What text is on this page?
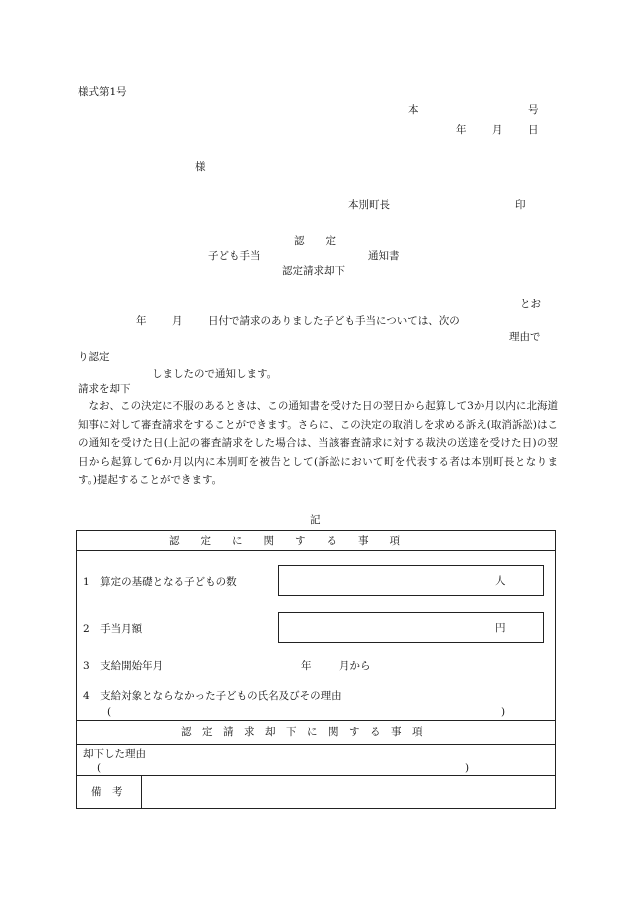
様式第1号
本	号
年 月 日
様
本別町長	印
認　　定
子ども手当	通知書
認定請求却下
とお
年 月 日付で請求のありました子ども手当については、次の
理由で
り認定
しましたので通知します。
請求を却下
なお、この決定に不服のあるときは、この通知書を受けた日の翌日から起算して3か月以内に北海道知事に対して審査請求をすることができます。さらに、この決定の取消しを求める訴え(取消訴訟)はこの通知を受けた日(上記の審査請求をした場合は、当該審査請求に対する裁決の送達を受けた日)の翌日から起算して6か月以内に本別町を被告として(訴訟において町を代表する者は本別町長となります。)提起することができます。
記
認　　定　　に　　関　　す　　る　　事　　項
1　算定の基礎となる子どもの数	人
2　手当月額	円
3　支給開始年月	年	月から
4　支給対象とならなかった子どもの氏名及びその理由
(	)
認　定　請　求　却　下　に　関　す　る　事　項
却下した理由
(	)
備　考
